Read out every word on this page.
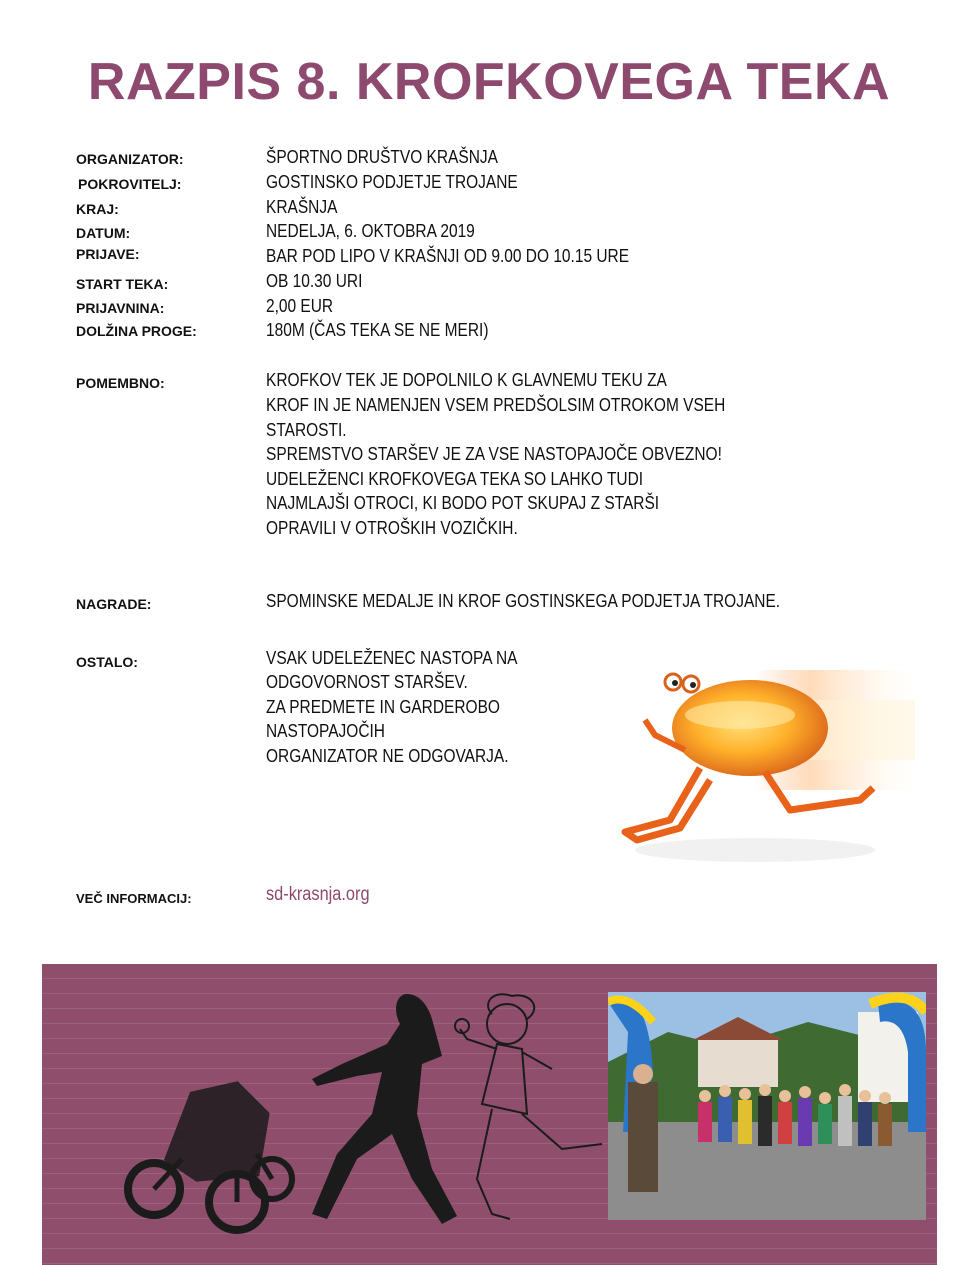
RAZPIS 8. KROFKOVEGA TEKA
ORGANIZATOR:	ŠPORTNO DRUŠTVO KRAŠNJA
POKROVITELJ:	GOSTINSKO PODJETJE TROJANE
KRAJ:	KRAŠNJA
DATUM:	NEDELJA, 6. OKTOBRA 2019
PRIJAVE:	BAR POD LIPO V KRAŠNJI OD 9.00 DO 10.15 URE
START TEKA:	OB 10.30 URI
PRIJAVNINA:	2,00 EUR
DOLŽINA PROGE:	180M (ČAS TEKA SE NE MERI)
POMEMBNO:	KROFKOV TEK JE DOPOLNILO K GLAVNEMU TEKU ZA
KROF IN JE NAMENJEN VSEM PREDŠOLSIM OTROKOM VSEH
STAROSTI.
SPREMSTVO STARŠEV JE ZA VSE NASTOPAJOČE OBVEZNO!
UDELEŽENCI KROFKOVEGA TEKA SO LAHKO TUDI
NAJMLAJŠI OTROCI, KI BODO POT SKUPAJ Z STARŠI
OPRAVILI V OTROŠKIH VOZIČKIH.
NAGRADE:	SPOMINSKE MEDALJE IN KROF GOSTINSKEGA PODJETJA TROJANE.
OSTALO:	VSAK UDELEŽENEC NASTOPA NA
ODGOVORNOST STARŠEV.
ZA PREDMETE IN GARDEROBO
NASTOPAJOČIH
ORGANIZATOR NE ODGOVARJA.
VEČ INFORMACIJ:	sd-krasnja.org
